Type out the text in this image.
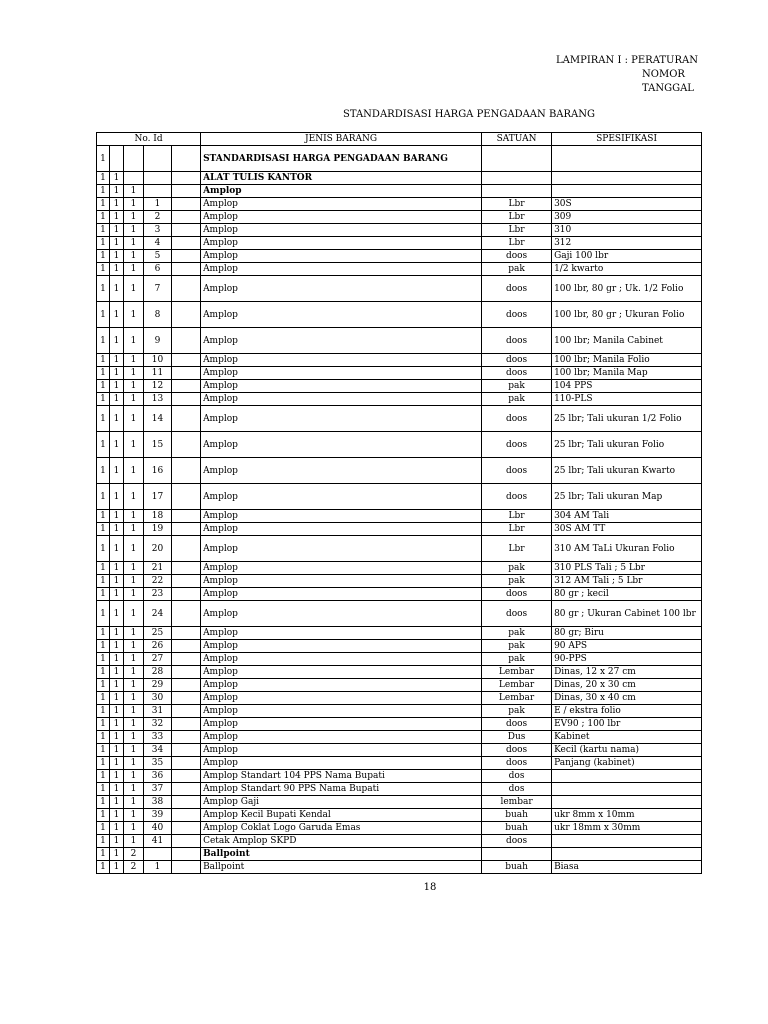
LAMPIRAN I : PERATURAN
NOMOR
TANGGAL
STANDARDISASI HARGA PENGADAAN BARANG
No. Id					JENIS BARANG	SATUAN	SPESIFIKASI
1					STANDARDISASI HARGA PENGADAAN BARANG		
1	1				ALAT TULIS KANTOR		
1	1	1			Amplop		
1	1	1	1		Amplop	Lbr	30S
1	1	1	2		Amplop	Lbr	309
1	1	1	3		Amplop	Lbr	310
1	1	1	4		Amplop	Lbr	312
1	1	1	5		Amplop	doos	Gaji 100 lbr
1	1	1	6		Amplop	pak	1/2 kwarto
1	1	1	7		Amplop	doos	100 lbr, 80 gr ; Uk. 1/2 Folio
1	1	1	8		Amplop	doos	100 lbr, 80 gr ; Ukuran Folio
1	1	1	9		Amplop	doos	100 lbr; Manila Cabinet
1	1	1	10		Amplop	doos	100 lbr; Manila Folio
1	1	1	11		Amplop	doos	100 lbr; Manila Map
1	1	1	12		Amplop	pak	104 PPS
1	1	1	13		Amplop	pak	110-PLS
1	1	1	14		Amplop	doos	25 lbr; Tali ukuran 1/2 Folio
1	1	1	15		Amplop	doos	25 lbr; Tali ukuran Folio
1	1	1	16		Amplop	doos	25 lbr; Tali ukuran Kwarto
1	1	1	17		Amplop	doos	25 lbr; Tali ukuran Map
1	1	1	18		Amplop	Lbr	304 AM Tali
1	1	1	19		Amplop	Lbr	30S AM TT
1	1	1	20		Amplop	Lbr	310 AM TaLi Ukuran Folio
1	1	1	21		Amplop	pak	310 PLS Tali ; 5 Lbr
1	1	1	22		Amplop	pak	312 AM Tali ; 5 Lbr
1	1	1	23		Amplop	doos	80 gr ; kecil
1	1	1	24		Amplop	doos	80 gr ; Ukuran Cabinet 100 lbr
1	1	1	25		Amplop	pak	80 gr; Biru
1	1	1	26		Amplop	pak	90 APS
1	1	1	27		Amplop	pak	90-PPS
1	1	1	28		Amplop	Lembar	Dinas, 12 x 27 cm
1	1	1	29		Amplop	Lembar	Dinas, 20 x 30 cm
1	1	1	30		Amplop	Lembar	Dinas, 30 x 40 cm
1	1	1	31		Amplop	pak	E / ekstra folio
1	1	1	32		Amplop	doos	EV90 ; 100 lbr
1	1	1	33		Amplop	Dus	Kabinet
1	1	1	34		Amplop	doos	Kecil (kartu nama)
1	1	1	35		Amplop	doos	Panjang (kabinet)
1	1	1	36		Amplop Standart 104 PPS Nama Bupati	dos	
1	1	1	37		Amplop Standart 90 PPS Nama Bupati	dos	
1	1	1	38		Amplop Gaji	lembar	
1	1	1	39		Amplop Kecil Bupati Kendal	buah	ukr 8mm x 10mm
1	1	1	40		Amplop Coklat Logo Garuda Emas	buah	ukr 18mm x 30mm
1	1	1	41		Cetak Amplop SKPD	doos	
1	1	2			Ballpoint		
1	1	2	1		Ballpoint	buah	Biasa
18
